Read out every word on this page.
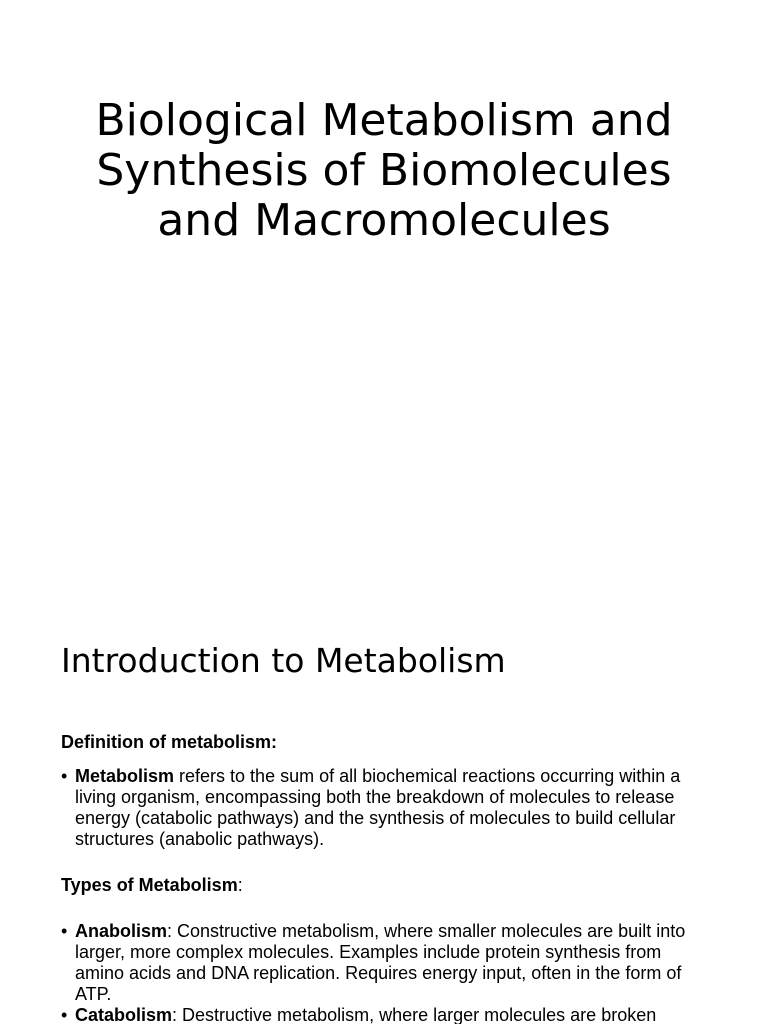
Biological Metabolism and Synthesis of Biomolecules and Macromolecules
Introduction to Metabolism

Definition of metabolism:

• Metabolism refers to the sum of all biochemical reactions occurring within a living organism, encompassing both the breakdown of molecules to release energy (catabolic pathways) and the synthesis of molecules to build cellular structures (anabolic pathways).

Types of Metabolism:

• Anabolism: Constructive metabolism, where smaller molecules are built into larger, more complex molecules. Examples include protein synthesis from amino acids and DNA replication. Requires energy input, often in the form of ATP.
• Catabolism: Destructive metabolism, where larger molecules are broken
